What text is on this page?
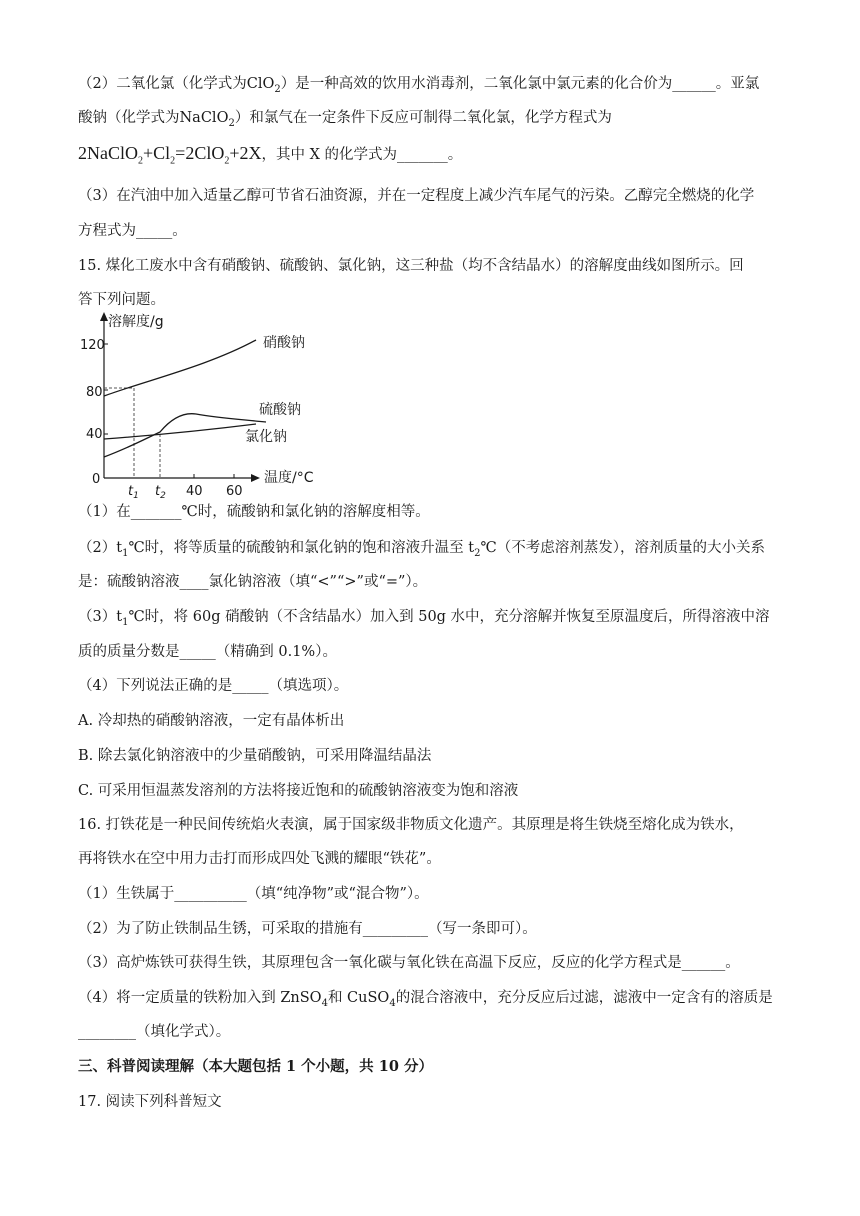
（2）二氧化氯（化学式为ClO$_2$）是一种高效的饮用水消毒剂，二氧化氯中氯元素的化合价为______。亚氯
酸钠（化学式为NaClO$_2$）和氯气在一定条件下反应可制得二氧化氯，化学方程式为
$2NaClO_2+Cl_2=2ClO_2+2X$，其中 X 的化学式为_______。
（3）在汽油中加入适量乙醇可节省石油资源，并在一定程度上减少汽车尾气的污染。乙醇完全燃烧的化学
方程式为_____。
15. 煤化工废水中含有硝酸钠、硫酸钠、氯化钠，这三种盐（均不含结晶水）的溶解度曲线如图所示。回
答下列问题。
溶解度/g
温度/°C
120
80
40
0
$t_1$ $t_2$ 40 60
硝酸钠
硫酸钠
氯化钠
（1）在_______℃时，硫酸钠和氯化钠的溶解度相等。
$(2)t_1℃$时，将等质量的硫酸钠和氯化钠的饱和溶液升温至 $t_2℃$（不考虑溶剂蒸发），溶剂质量的大小关系
是：硫酸钠溶液____氯化钠溶液（填“<”“>”或“=”）。
$(3)t_1℃$时，将 60g 硝酸钠（不含结晶水）加入到 50g 水中，充分溶解并恢复至原温度后，所得溶液中溶
质的质量分数是_____（精确到 0.1%）。
（4）下列说法正确的是_____（填选项）。
A. 冷却热的硝酸钠溶液，一定有晶体析出
B. 除去氯化钠溶液中的少量硝酸钠，可采用降温结晶法
C. 可采用恒温蒸发溶剂的方法将接近饱和的硫酸钠溶液变为饱和溶液
16. 打铁花是一种民间传统焰火表演，属于国家级非物质文化遗产。其原理是将生铁烧至熔化成为铁水，
再将铁水在空中用力击打而形成四处飞溅的耀眼“铁花”。
（1）生铁属于__________（填“纯净物”或“混合物”）。
（2）为了防止铁制品生锈，可采取的措施有_________（写一条即可）。
（3）高炉炼铁可获得生铁，其原理包含一氧化碳与氧化铁在高温下反应，反应的化学方程式是______。
（4）将一定质量的铁粉加入到 ZnSO$_4$和 CuSO$_4$的混合溶液中，充分反应后过滤，滤液中一定含有的溶质是
________（填化学式）。
三、科普阅读理解（本大题包括 1 个小题，共 10 分）
17. 阅读下列科普短文
